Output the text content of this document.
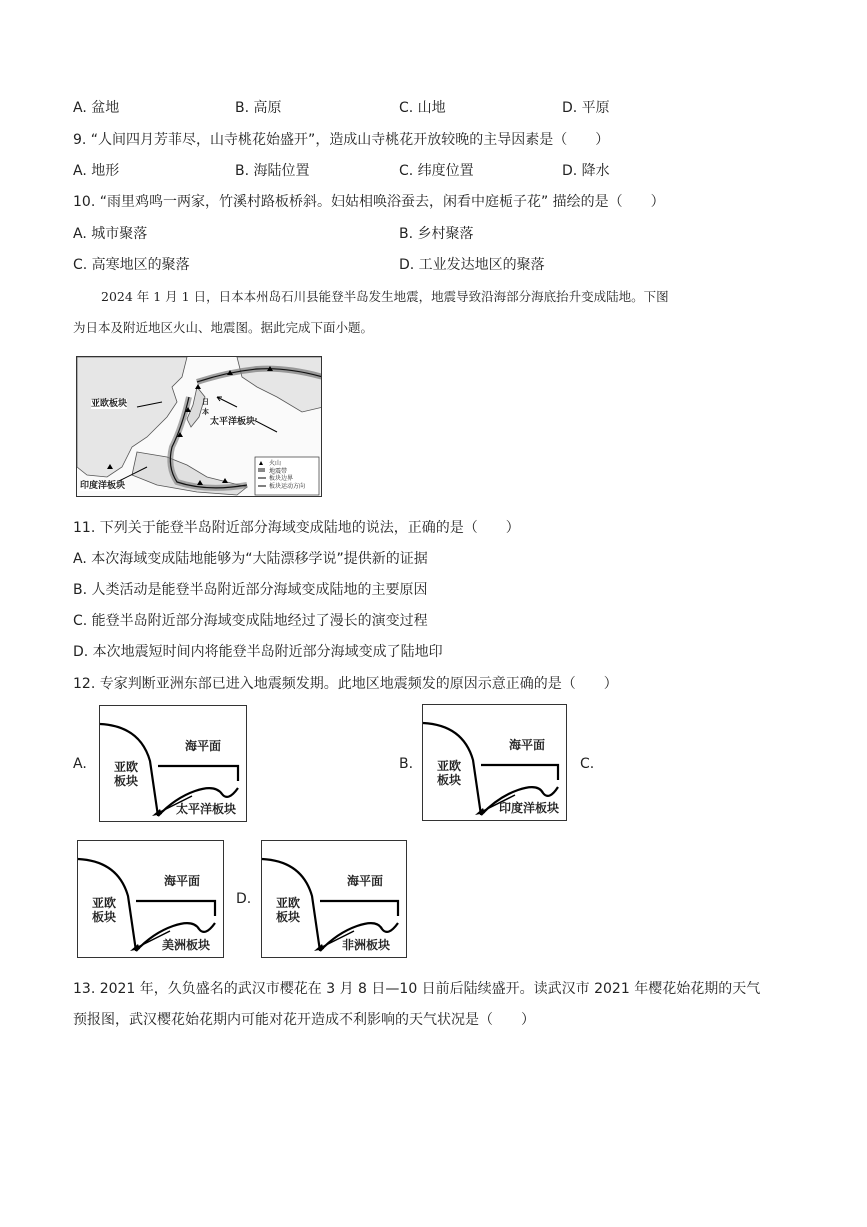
A. 盆地	B. 高原	C. 山地	D. 平原
9. “人间四月芳菲尽，山寺桃花始盛开”，造成山寺桃花开放较晚的主导因素是（　　）
A. 地形	B. 海陆位置	C. 纬度位置	D. 降水
10. “雨里鸡鸣一两家，竹溪村路板桥斜。妇姑相唤浴蚕去，闲看中庭栀子花” 描绘的是（　　）
A. 城市聚落	B. 乡村聚落
C. 高寒地区的聚落	D. 工业发达地区的聚落
2024 年 1 月 1 日，日本本州岛石川县能登半岛发生地震，地震导致沿海部分海底抬升变成陆地。下图
为日本及附近地区火山、地震图。据此完成下面小题。
亚欧板块
太平洋板块
印度洋板块
日
本
火山
地震带
板块边界
板块运动方向
11. 下列关于能登半岛附近部分海域变成陆地的说法，正确的是（　　）
A. 本次海域变成陆地能够为“大陆漂移学说”提供新的证据
B. 人类活动是能登半岛附近部分海域变成陆地的主要原因
C. 能登半岛附近部分海域变成陆地经过了漫长的演变过程
D. 本次地震短时间内将能登半岛附近部分海域变成了陆地印
12. 专家判断亚洲东部已进入地震频发期。此地区地震频发的原因示意正确的是（　　）
A.
海平面
亚欧
板块
太平洋板块
B.
海平面
亚欧
板块
印度洋板块
C.
海平面
亚欧
板块
美洲板块
D.
海平面
亚欧
板块
非洲板块
13. 2021 年，久负盛名的武汉市樱花在 3 月 8 日—10 日前后陆续盛开。读武汉市 2021 年樱花始花期的天气
预报图，武汉樱花始花期内可能对花开造成不利影响的天气状况是（　　）
